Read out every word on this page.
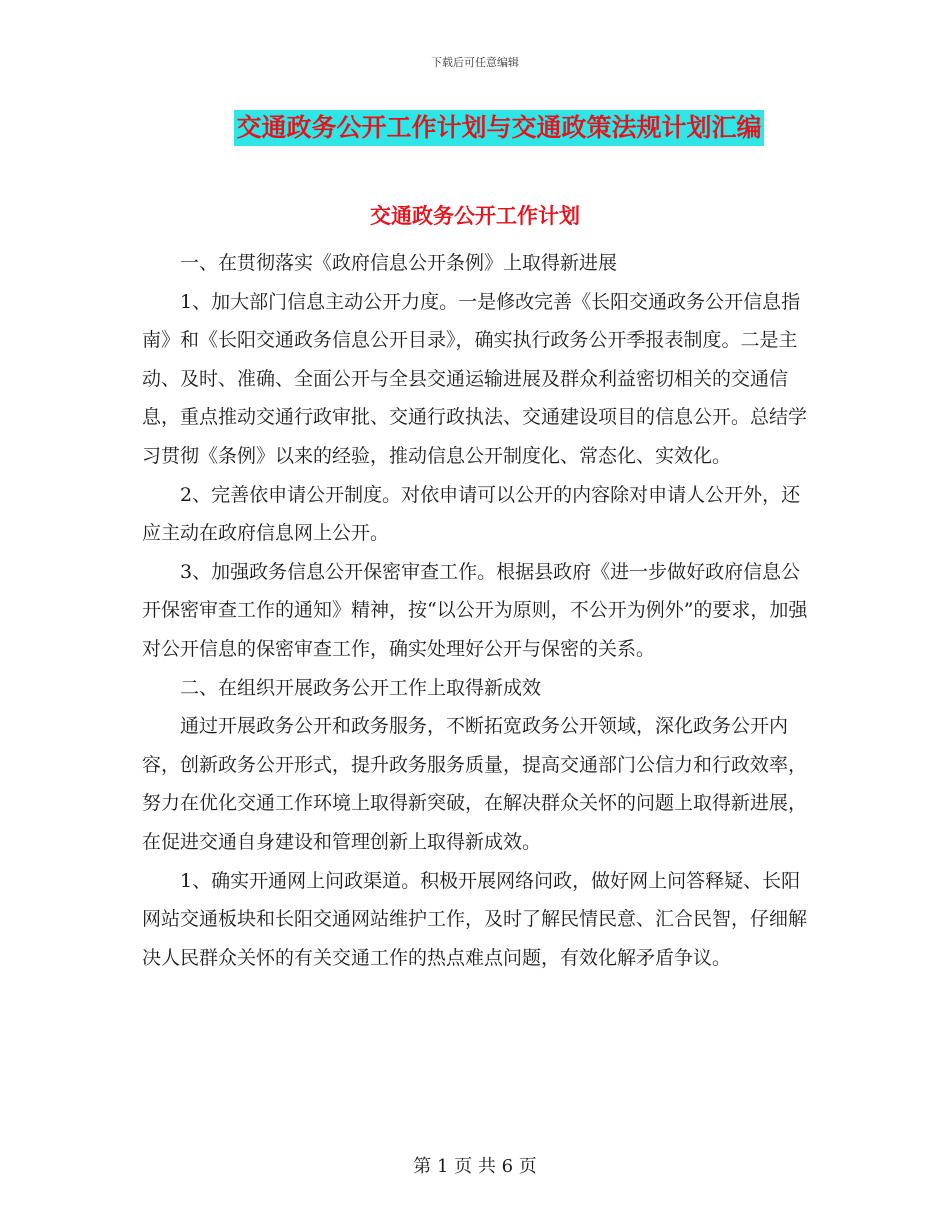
下载后可任意编辑
交通政务公开工作计划与交通政策法规计划汇编
交通政务公开工作计划

一、在贯彻落实《政府信息公开条例》上取得新进展

1、加大部门信息主动公开力度。一是修改完善《长阳交通政务公开信息指南》和《长阳交通政务信息公开目录》，确实执行政务公开季报表制度。二是主动、及时、准确、全面公开与全县交通运输进展及群众利益密切相关的交通信息，重点推动交通行政审批、交通行政执法、交通建设项目的信息公开。总结学习贯彻《条例》以来的经验，推动信息公开制度化、常态化、实效化。

2、完善依申请公开制度。对依申请可以公开的内容除对申请人公开外，还应主动在政府信息网上公开。

3、加强政务信息公开保密审查工作。根据县政府《进一步做好政府信息公开保密审查工作的通知》精神，按“以公开为原则，不公开为例外”的要求，加强对公开信息的保密审查工作，确实处理好公开与保密的关系。

二、在组织开展政务公开工作上取得新成效

通过开展政务公开和政务服务，不断拓宽政务公开领域，深化政务公开内容，创新政务公开形式，提升政务服务质量，提高交通部门公信力和行政效率，努力在优化交通工作环境上取得新突破，在解决群众关怀的问题上取得新进展，在促进交通自身建设和管理创新上取得新成效。

1、确实开通网上问政渠道。积极开展网络问政，做好网上问答释疑、长阳网站交通板块和长阳交通网站维护工作，及时了解民情民意、汇合民智，仔细解决人民群众关怀的有关交通工作的热点难点问题，有效化解矛盾争议。

第 1 页 共 6 页
